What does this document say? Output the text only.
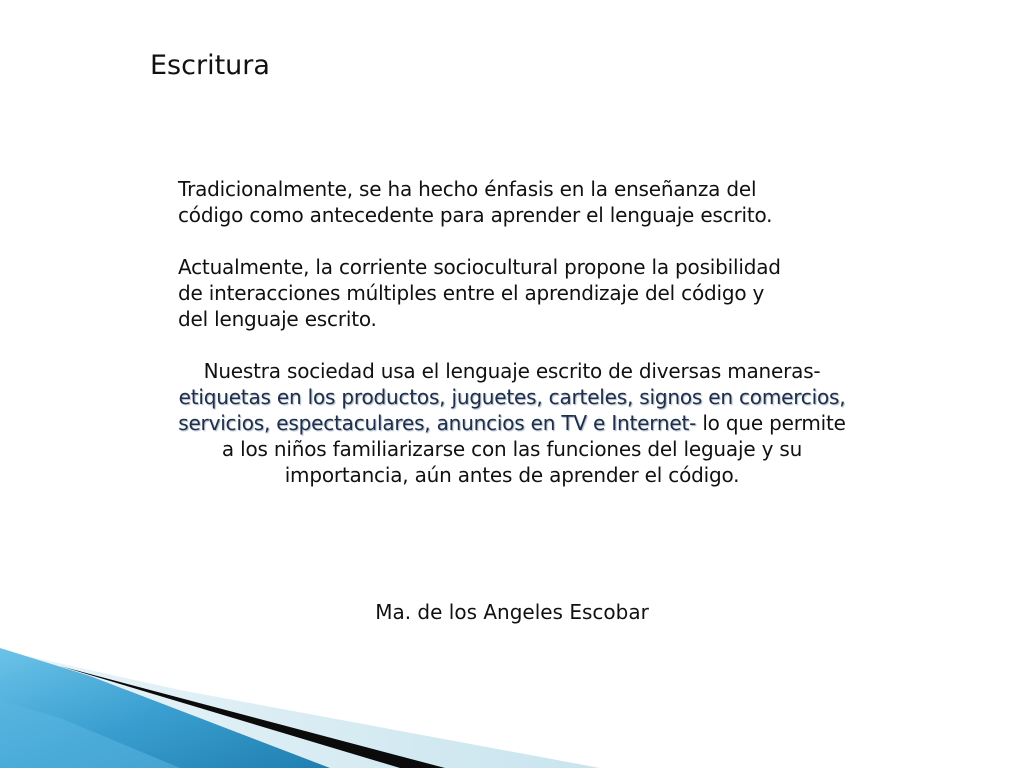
Escritura

Tradicionalmente, se ha hecho énfasis en la enseñanza del
código como antecedente para aprender el lenguaje escrito.

Actualmente, la corriente sociocultural propone la posibilidad
de interacciones múltiples entre el aprendizaje del código y
del lenguaje escrito.

Nuestra sociedad usa el lenguaje escrito de diversas maneras- etiquetas en los productos, juguetes, carteles, signos en comercios, servicios, espectaculares, anuncios en TV e Internet- lo que permite a los niños familiarizarse con las funciones del leguaje y su importancia, aún antes de aprender el código.

Ma. de los Angeles Escobar
